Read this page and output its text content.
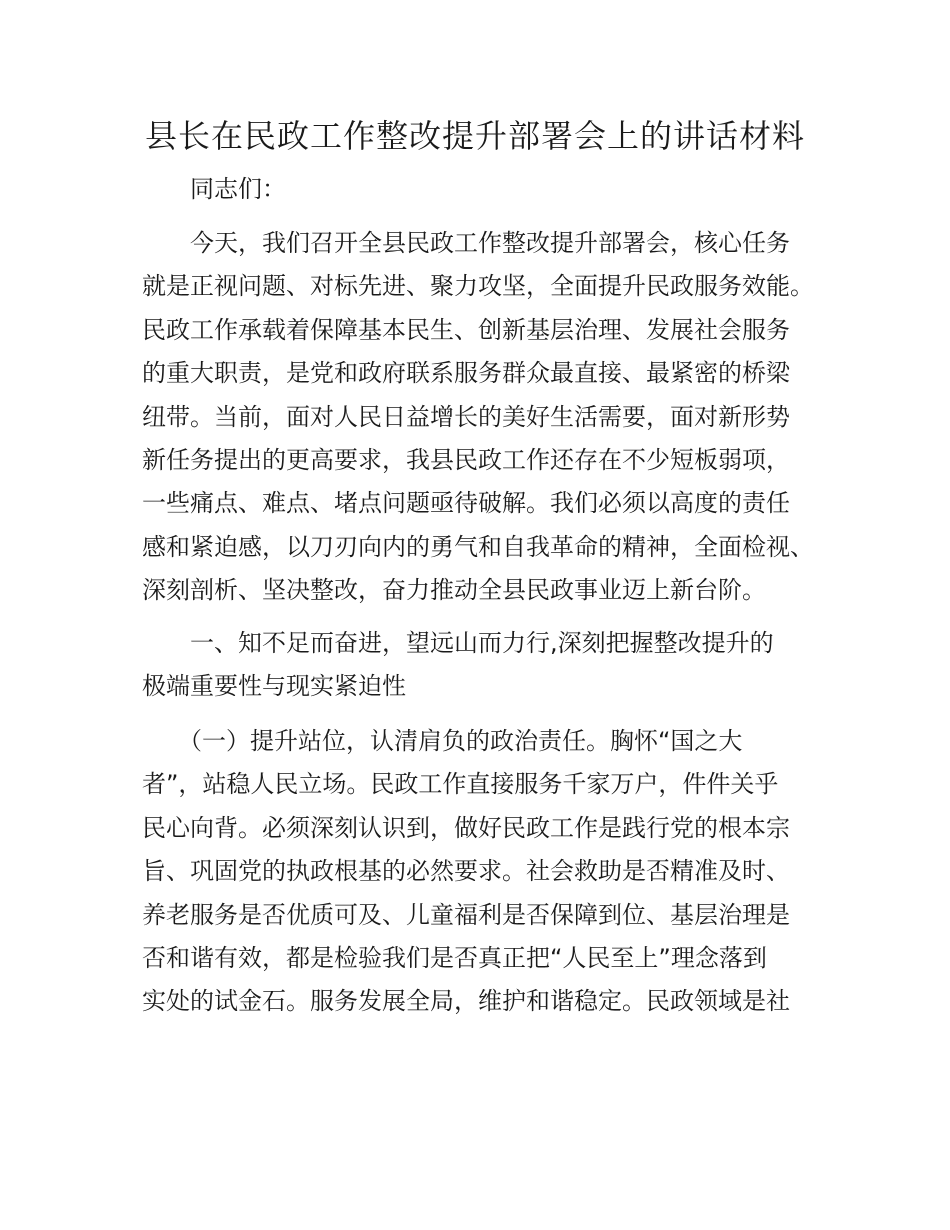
县长在民政工作整改提升部署会上的讲话材料
同志们：
　　今天，我们召开全县民政工作整改提升部署会，核心任务
就是正视问题、对标先进、聚力攻坚，全面提升民政服务效能。
民政工作承载着保障基本民生、创新基层治理、发展社会服务
的重大职责，是党和政府联系服务群众最直接、最紧密的桥梁
纽带。当前，面对人民日益增长的美好生活需要，面对新形势
新任务提出的更高要求，我县民政工作还存在不少短板弱项，
一些痛点、难点、堵点问题亟待破解。我们必须以高度的责任
感和紧迫感，以刀刃向内的勇气和自我革命的精神，全面检视、
深刻剖析、坚决整改，奋力推动全县民政事业迈上新台阶。
　　一、知不足而奋进，望远山而力行,深刻把握整改提升的
极端重要性与现实紧迫性
　　（一）提升站位，认清肩负的政治责任。胸怀“国之大
者”，站稳人民立场。民政工作直接服务千家万户，件件关乎
民心向背。必须深刻认识到，做好民政工作是践行党的根本宗
旨、巩固党的执政根基的必然要求。社会救助是否精准及时、
养老服务是否优质可及、儿童福利是否保障到位、基层治理是
否和谐有效，都是检验我们是否真正把“人民至上”理念落到
实处的试金石。服务发展全局，维护和谐稳定。民政领域是社
